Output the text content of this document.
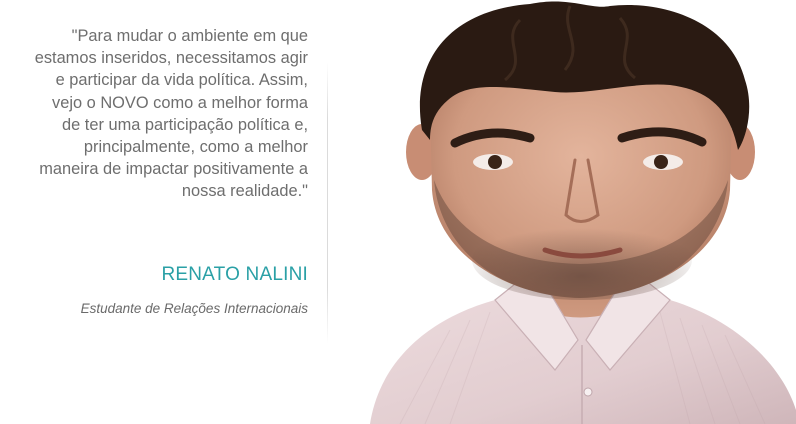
"Para mudar o ambiente em que
estamos inseridos, necessitamos agir
e participar da vida política. Assim,
vejo o NOVO como a melhor forma
de ter uma participação política e,
principalmente, como a melhor
maneira de impactar positivamente a
nossa realidade."

RENATO NALINI

Estudante de Relações Internacionais
